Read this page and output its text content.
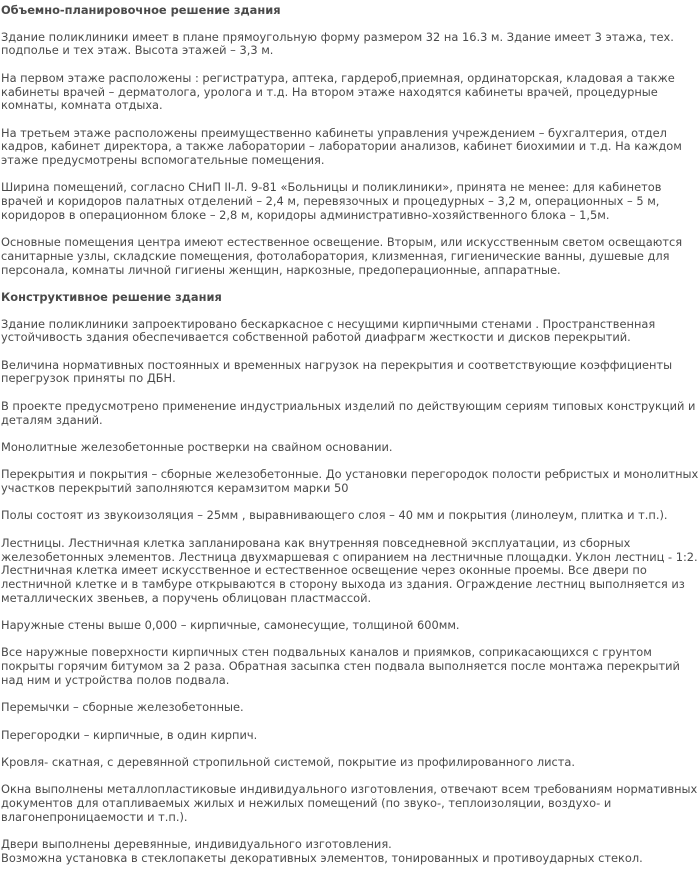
Объемно-планировочное решение здания
Здание поликлиники имеет в плане прямоугольную форму размером 32 на 16.3 м. Здание имеет 3 этажа, тех. подполье и тех этаж. Высота этажей – 3,3 м.
На первом этаже расположены : регистратура, аптека, гардероб,приемная, ординаторская, кладовая а также кабинеты врачей – дерматолога, уролога и т.д. На втором этаже находятся кабинеты врачей, процедурные комнаты, комната отдыха.
На третьем этаже расположены преимущественно кабинеты управления учреждением – бухгалтерия, отдел кадров, кабинет директора, а также лаборатории – лаборатории анализов, кабинет биохимии и т.д. На каждом этаже предусмотрены вспомогательные помещения.
Ширина помещений, согласно СНиП II-Л. 9-81 «Больницы и поликлиники», принята не менее: для кабинетов врачей и коридоров палатных отделений – 2,4 м, перевязочных и процедурных – 3,2 м, операционных – 5 м, коридоров в операционном блоке – 2,8 м, коридоры административно-хозяйственного блока – 1,5м.
Основные помещения центра имеют естественное освещение. Вторым, или искусственным светом освещаются санитарные узлы, складские помещения, фотолаборатория, клизменная, гигиенические ванны, душевые для персонала, комнаты личной гигиены женщин, наркозные, предоперационные, аппаратные.
Конструктивное решение здания
Здание поликлиники запроектировано бескаркасное с несущими кирпичными стенами . Пространственная устойчивость здания обеспечивается собственной работой диафрагм жесткости и дисков перекрытий.
Величина нормативных постоянных и временных нагрузок на перекрытия и соответствующие коэффициенты перегрузок приняты по ДБН.
В проекте предусмотрено применение индустриальных изделий по действующим сериям типовых конструкций и деталям зданий.
Монолитные железобетонные ростверки на свайном основании.
Перекрытия и покрытия – сборные железобетонные. До установки перегородок полости ребристых и монолитных участков перекрытий заполняются керамзитом марки 50
Полы состоят из звукоизоляция – 25мм , выравнивающего слоя – 40 мм и покрытия (линолеум, плитка и т.п.).
Лестницы. Лестничная клетка запланирована как внутренняя повседневной эксплуатации, из сборных железобетонных элементов. Лестница двухмаршевая с опиранием на лестничные площадки. Уклон лестниц - 1:2. Лестничная клетка имеет искусственное и естественное освещение через оконные проемы. Все двери по лестничной клетке и в тамбуре открываются в сторону выхода из здания. Ограждение лестниц выполняется из металлических звеньев, а поручень облицован пластмассой.
Наружные стены выше 0,000 – кирпичные, самонесущие, толщиной 600мм.
Все наружные поверхности кирпичных стен подвальных каналов и приямков, соприкасающихся с грунтом покрыты горячим битумом за 2 раза. Обратная засыпка стен подвала выполняется после монтажа перекрытий над ним и устройства полов подвала.
Перемычки – сборные железобетонные.
Перегородки – кирпичные, в один кирпич.
Кровля- скатная, с деревянной стропильной системой, покрытие из профилированного листа.
Окна выполнены металлопластиковые индивидуального изготовления, отвечают всем требованиям нормативных документов для отапливаемых жилых и нежилых помещений (по звуко-, теплоизоляции, воздухо- и влагонепроницаемости и т.п.).
Двери выполнены деревянные, индивидуального изготовления.
Возможна установка в стеклопакеты декоративных элементов, тонированных и противоударных стекол.
